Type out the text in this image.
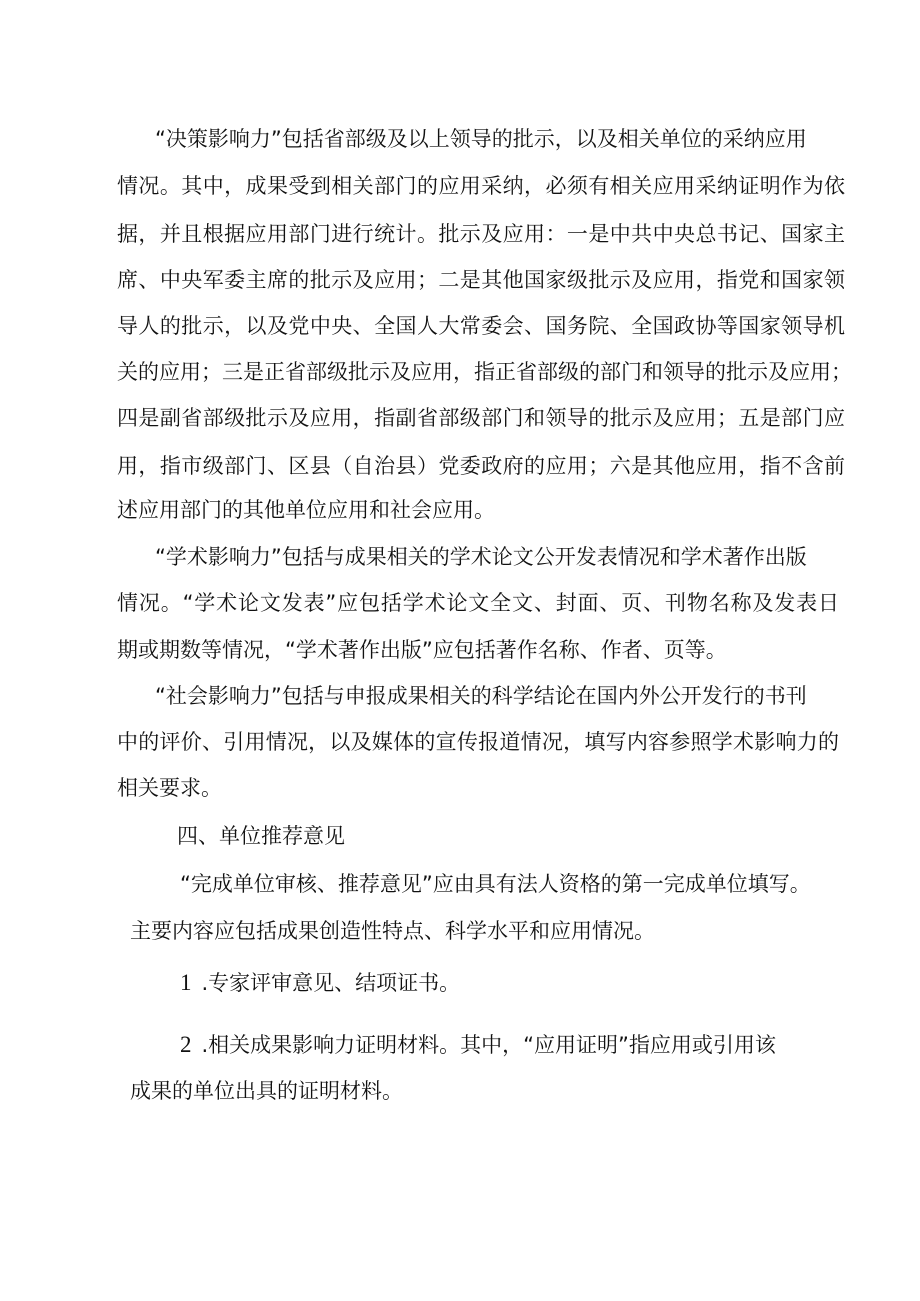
“决策影响力”包括省部级及以上领导的批示，以及相关单位的采纳应用
情况。其中，成果受到相关部门的应用采纳，必须有相关应用采纳证明作为依
据，并且根据应用部门进行统计。批示及应用：一是中共中央总书记、国家主
席、中央军委主席的批示及应用；二是其他国家级批示及应用，指党和国家领
导人的批示，以及党中央、全国人大常委会、国务院、全国政协等国家领导机
关的应用；三是正省部级批示及应用，指正省部级的部门和领导的批示及应用；
四是副省部级批示及应用，指副省部级部门和领导的批示及应用；五是部门应
用，指市级部门、区县（自治县）党委政府的应用；六是其他应用，指不含前
述应用部门的其他单位应用和社会应用。
“学术影响力”包括与成果相关的学术论文公开发表情况和学术著作出版
情况。“学术论文发表”应包括学术论文全文、封面、页、刊物名称及发表日
期或期数等情况，“学术著作出版”应包括著作名称、作者、页等。
“社会影响力”包括与申报成果相关的科学结论在国内外公开发行的书刊
中的评价、引用情况，以及媒体的宣传报道情况，填写内容参照学术影响力的
相关要求。
四、单位推荐意见
“完成单位审核、推荐意见”应由具有法人资格的第一完成单位填写。
主要内容应包括成果创造性特点、科学水平和应用情况。
1 .专家评审意见、结项证书。
2 .相关成果影响力证明材料。其中，“应用证明”指应用或引用该
成果的单位出具的证明材料。
